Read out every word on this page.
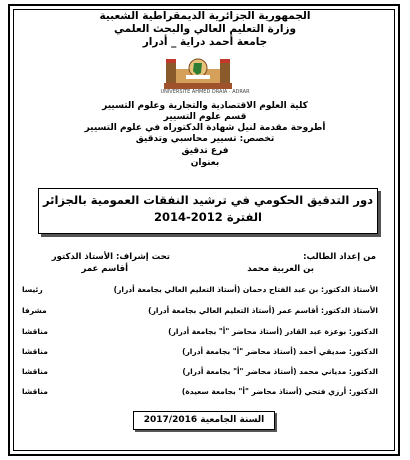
الجمهورية الجزائرية الديمقراطية الشعبية
وزارة التعليم العالي والبحث العلمي
جامعة أحمد دراية _ أدرار
UNIVERSITE AHMED DRAIA · ADRAR
كلية العلوم الاقتصادية والتجارية وعلوم التسيير
قسم علوم التسيير
أطروحة مقدمة لنيل شهادة الدكتوراه في علوم التسيير
تخصص: تسيير محاسبي وتدقيق
فرع تدقيق
بعنوان
دور التدقيق الحكومي في ترشيد النفقات العمومية بالجزائر
الفترة 2012-2014
من إعداد الطالب:
تحت إشراف: الأستاذ الدكتور
بن العربية محمد
أقاسم عمر
الأستاذ الدكتور: بن عبد الفتاح دحمان (أستاذ التعليم العالي بجامعة أدرار)
رئيسا
الأستاذ الدكتور: أقاسم عمر (أستاذ التعليم العالي بجامعة أدرار)
مشرفا
الدكتور: بوعزة عبد القادر (أستاذ محاضر "أ" بجامعة أدرار)
مناقشا
الدكتور: صديقي أحمد (أستاذ محاضر "أ" بجامعة أدرار)
مناقشا
الدكتور: مدياني محمد (أستاذ محاضر "أ" بجامعة أدرار)
مناقشا
الدكتور: أرزي فتحي (أستاذ محاضر "أ" بجامعة سعيدة)
مناقشا
السنة الجامعية 2017/2016
